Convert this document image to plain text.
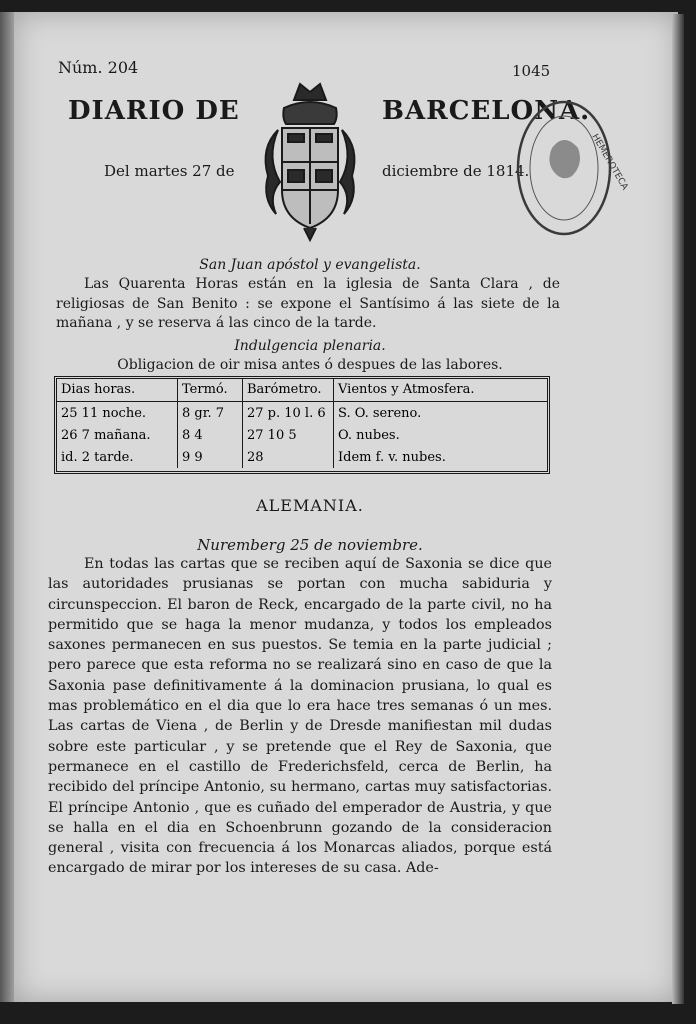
Núm. 204	1045
DIARIO DE	BARCELONA.
Del martes 27 de	diciembre de 1814.	HEMEROTECA
San Juan apóstol y evangelista.
Las Quarenta Horas están en la iglesia de Santa Clara , de religiosas de San Benito : se expone el Santísimo á las siete de la mañana , y se reserva á las cinco de la tarde.
Indulgencia plenaria.
Obligacion de oir misa antes ó despues de las labores.
Dias horas.	Termó.	Barómetro.	Vientos y Atmosfera.
25 11 noche.	8 gr. 7	27 p. 10 l. 6	S. O. sereno.
26 7 mañana.	8 4	27 10 5	O. nubes.
id. 2 tarde.	9 9	28	Idem f. v. nubes.
ALEMANIA.
Nuremberg 25 de noviembre.
En todas las cartas que se reciben aquí de Saxonia se dice que las autoridades prusianas se portan con mucha sabiduria y circunspeccion. El baron de Reck, encargado de la parte civil, no ha permitido que se haga la menor mudanza, y todos los empleados saxones permanecen en sus puestos. Se temia en la parte judicial ; pero parece que esta reforma no se realizará sino en caso de que la Saxonia pase definitivamente á la dominacion prusiana, lo qual es mas problemático en el dia que lo era hace tres semanas ó un mes. Las cartas de Viena , de Berlin y de Dresde manifiestan mil dudas sobre este particular , y se pretende que el Rey de Saxonia, que permanece en el castillo de Frederichsfeld, cerca de Berlin, ha recibido del príncipe Antonio, su hermano, cartas muy satisfactorias. El príncipe Antonio , que es cuñado del emperador de Austria, y que se halla en el dia en Schoenbrunn gozando de la consideracion general , visita con frecuencia á los Monarcas aliados, porque está encargado de mirar por los intereses de su casa. Ade-
